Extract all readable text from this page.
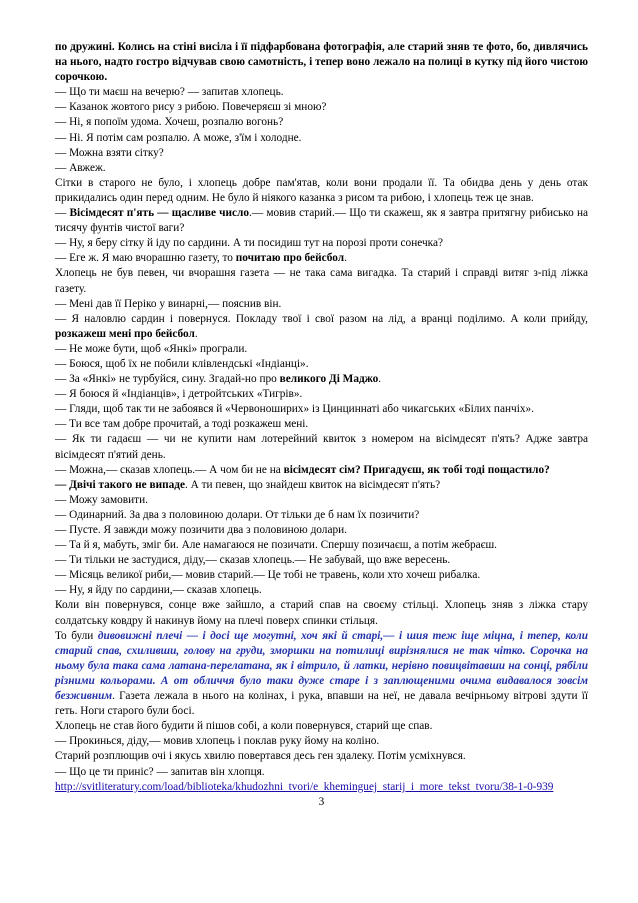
по дружині. Колись на стіні висіла і її підфарбована фотографія, але старий зняв те фото, бо, дивлячись на нього, надто гостро відчував свою самотність, і тепер воно лежало на полиці в кутку під його чистою сорочкою.

— Що ти маєш на вечерю? — запитав хлопець.

— Казанок жовтого рису з рибою. Повечеряєш зі мною?

— Ні, я попоїм удома. Хочеш, розпалю вогонь?

— Ні. Я потім сам розпалю. А може, з'їм і холодне.

— Можна взяти сітку?

— Авжеж.

Сітки в старого не було, і хлопець добре пам'ятав, коли вони продали її. Та обидва день у день отак прикидались один перед одним. Не було й ніякого казанка з рисом та рибою, і хлопець теж це знав.

— Вісімдесят п'ять — щасливе число.— мовив старий.— Що ти скажеш, як я завтра притягну рибисько на тисячу фунтів чистої ваги?

— Ну, я беру сітку й іду по сардини. А ти посидиш тут на порозі проти сонечка?

— Еге ж. Я маю вчорашню газету, то почитаю про бейсбол.

Хлопець не був певен, чи вчорашня газета — не така сама вигадка. Та старий і справді витяг з-під ліжка газету.

— Мені дав її Періко у винарні,— пояснив він.

— Я наловлю сардин і повернуся. Покладу твої і свої разом на лід, а вранці поділимо. А коли прийду, розкажеш мені про бейсбол.

— Не може бути, щоб «Янкі» програли.

— Боюся, щоб їх не побили клівлендські «Індіанці».

— За «Янкі» не турбуйся, сину. Згадай-но про великого Ді Маджо.

— Я боюся й «Індіанців», і детройтських «Тигрів».

— Гляди, щоб так ти не забоявся й «Червоноширих» із Цинциннаті або чикагських «Білих панчіх».

— Ти все там добре прочитай, а тоді розкажеш мені.

— Як ти гадаєш — чи не купити нам лотерейний квиток з номером на вісімдесят п'ять? Адже завтра вісімдесят п'ятий день.

— Можна,— сказав хлопець.— А чом би не на вісімдесят сім? Пригадуєш, як тобі тоді пощастило?

— Двічі такого не випаде. А ти певен, що знайдеш квиток на вісімдесят п'ять?

— Можу замовити.

— Одинарний. За два з половиною долари. От тільки де б нам їх позичити?

— Пусте. Я завжди можу позичити два з половиною долари.

— Та й я, мабуть, зміг би. Але намагаюся не позичати. Спершу позичаєш, а потім жебраєш.

— Ти тільки не застудися, діду,— сказав хлопець.— Не забувай, що вже вересень.

— Місяць великої риби,— мовив старий.— Це тобі не травень, коли хто хочеш рибалка.

— Ну, я йду по сардини,— сказав хлопець.

Коли він повернувся, сонце вже зайшло, а старий спав на своєму стільці. Хлопець зняв з ліжка стару солдатську ковдру й накинув йому на плечі поверх спинки стільця.

То були дивовижні плечі — і досі ще могутні, хоч які й старі,— і шия теж іще міцна, і тепер, коли старий спав, схиливши, голову на груди, зморшки на потилиці вирізнялися не так чітко. Сорочка на ньому була така сама латана-перелатана, як і вітрило, й латки, нерівно повицвітавши на сонці, рябіли різними кольорами. А от обличчя було таки дуже старе і з заплющеними очима видавалося зовсім безживним. Газета лежала в нього на колінах, і рука, впавши на неї, не давала вечірньому вітрові здути її геть. Ноги старого були босі.

Хлопець не став його будити й пішов собі, а коли повернувся, старий ще спав.

— Прокинься, діду,— мовив хлопець і поклав руку йому на коліно.

Старий розплющив очі і якусь хвилю повертався десь ген здалеку. Потім усміхнувся.

— Що це ти приніс? — запитав він хлопця.

http://svitliteratury.com/load/biblioteka/khudozhni_tvori/e_kheminguej_starij_i_more_tekst_tvoru/38-1-0-939

3
